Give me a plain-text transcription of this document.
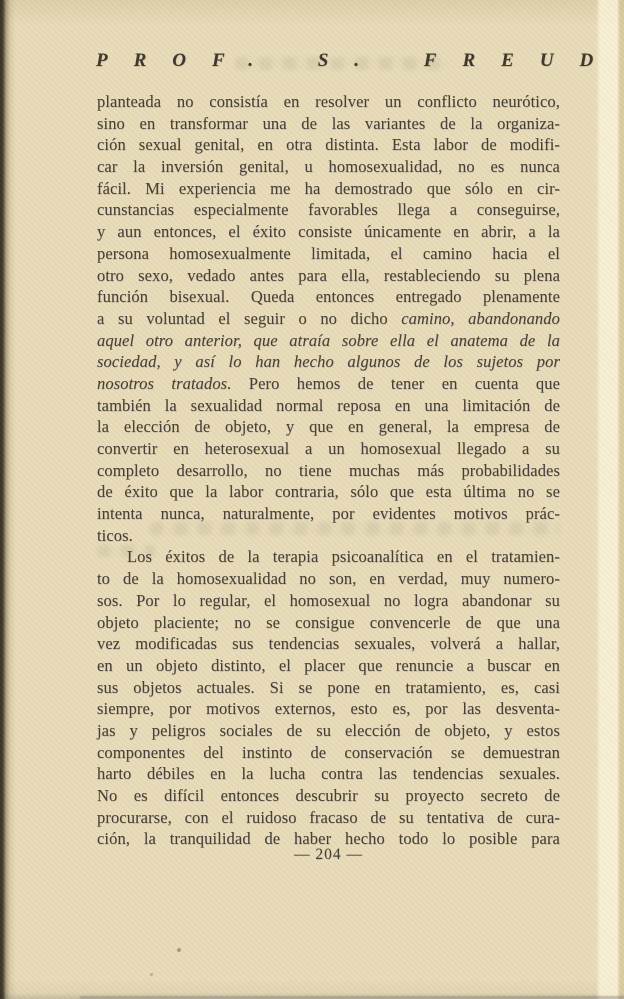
PROF. S. FREUD
planteada no consistía en resolver un conflicto neurótico,
sino en transformar una de las variantes de la organiza-
ción sexual genital, en otra distinta. Esta labor de modifi-
car la inversión genital, u homosexualidad, no es nunca
fácil. Mi experiencia me ha demostrado que sólo en cir-
cunstancias especialmente favorables llega a conseguirse,
y aun entonces, el éxito consiste únicamente en abrir, a la
persona homosexualmente limitada, el camino hacia el
otro sexo, vedado antes para ella, restableciendo su plena
función bisexual. Queda entonces entregado plenamente
a su voluntad el seguir o no dicho camino, abandonando
aquel otro anterior, que atraía sobre ella el anatema de la
sociedad, y así lo han hecho algunos de los sujetos por
nosotros tratados. Pero hemos de tener en cuenta que
también la sexualidad normal reposa en una limitación de
la elección de objeto, y que en general, la empresa de
convertir en heterosexual a un homosexual llegado a su
completo desarrollo, no tiene muchas más probabilidades
de éxito que la labor contraria, sólo que esta última no se
intenta nunca, naturalmente, por evidentes motivos prác-
ticos.
Los éxitos de la terapia psicoanalítica en el tratamien-
to de la homosexualidad no son, en verdad, muy numero-
sos. Por lo regular, el homosexual no logra abandonar su
objeto placiente; no se consigue convencerle de que una
vez modificadas sus tendencias sexuales, volverá a hallar,
en un objeto distinto, el placer que renuncie a buscar en
sus objetos actuales. Si se pone en tratamiento, es, casi
siempre, por motivos externos, esto es, por las desventa-
jas y peligros sociales de su elección de objeto, y estos
componentes del instinto de conservación se demuestran
harto débiles en la lucha contra las tendencias sexuales.
No es difícil entonces descubrir su proyecto secreto de
procurarse, con el ruidoso fracaso de su tentativa de cura-
ción, la tranquilidad de haber hecho todo lo posible para
— 204 —
